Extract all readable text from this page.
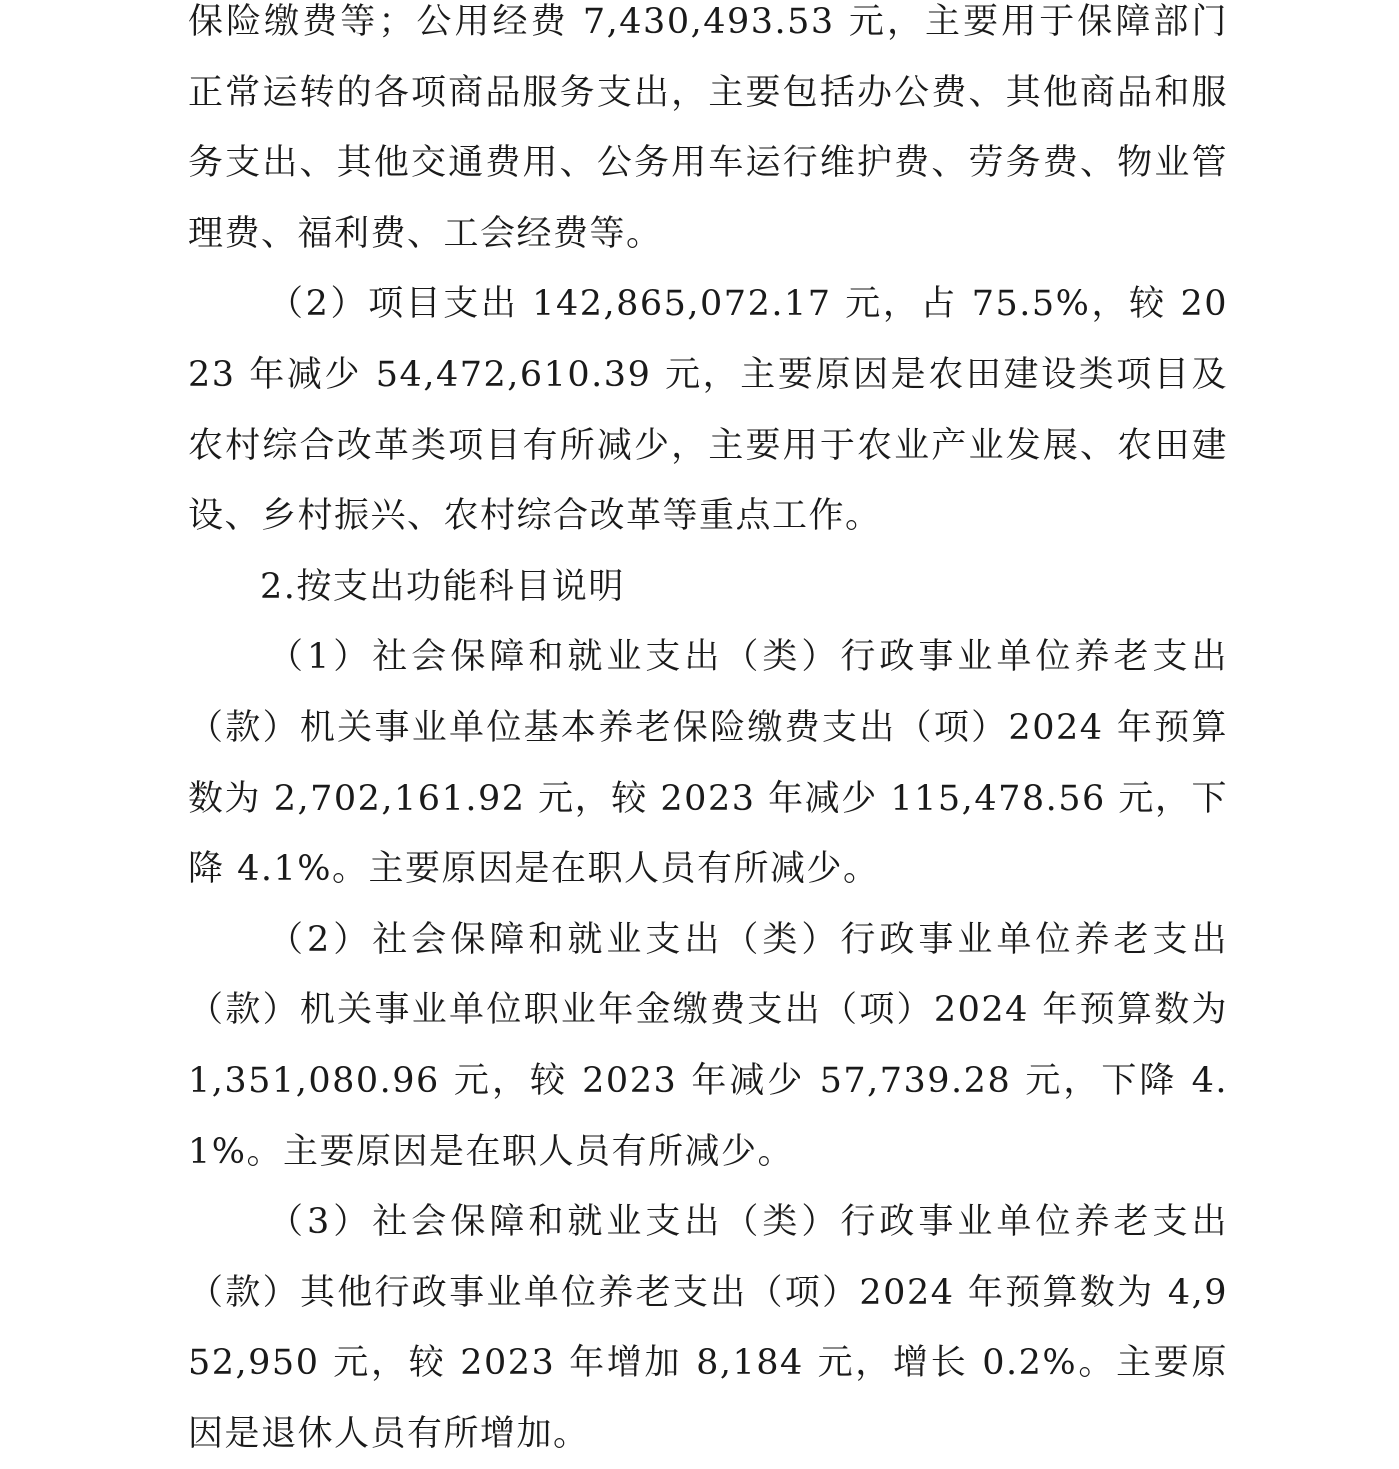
保险缴费等；公用经费 7,430,493.53 元，主要用于保障部门正常运转的各项商品服务支出，主要包括办公费、其他商品和服务支出、其他交通费用、公务用车运行维护费、劳务费、物业管理费、福利费、工会经费等。

（2）项目支出 142,865,072.17 元，占 75.5%，较 2023 年减少 54,472,610.39 元，主要原因是农田建设类项目及农村综合改革类项目有所减少，主要用于农业产业发展、农田建设、乡村振兴、农村综合改革等重点工作。

2.按支出功能科目说明

（1）社会保障和就业支出（类）行政事业单位养老支出（款）机关事业单位基本养老保险缴费支出（项）2024 年预算数为 2,702,161.92 元，较 2023 年减少 115,478.56 元，下降 4.1%。主要原因是在职人员有所减少。

（2）社会保障和就业支出（类）行政事业单位养老支出（款）机关事业单位职业年金缴费支出（项）2024 年预算数为 1,351,080.96 元，较 2023 年减少 57,739.28 元，下降 4.1%。主要原因是在职人员有所减少。

（3）社会保障和就业支出（类）行政事业单位养老支出（款）其他行政事业单位养老支出（项）2024 年预算数为 4,952,950 元，较 2023 年增加 8,184 元，增长 0.2%。主要原因是退休人员有所增加。
